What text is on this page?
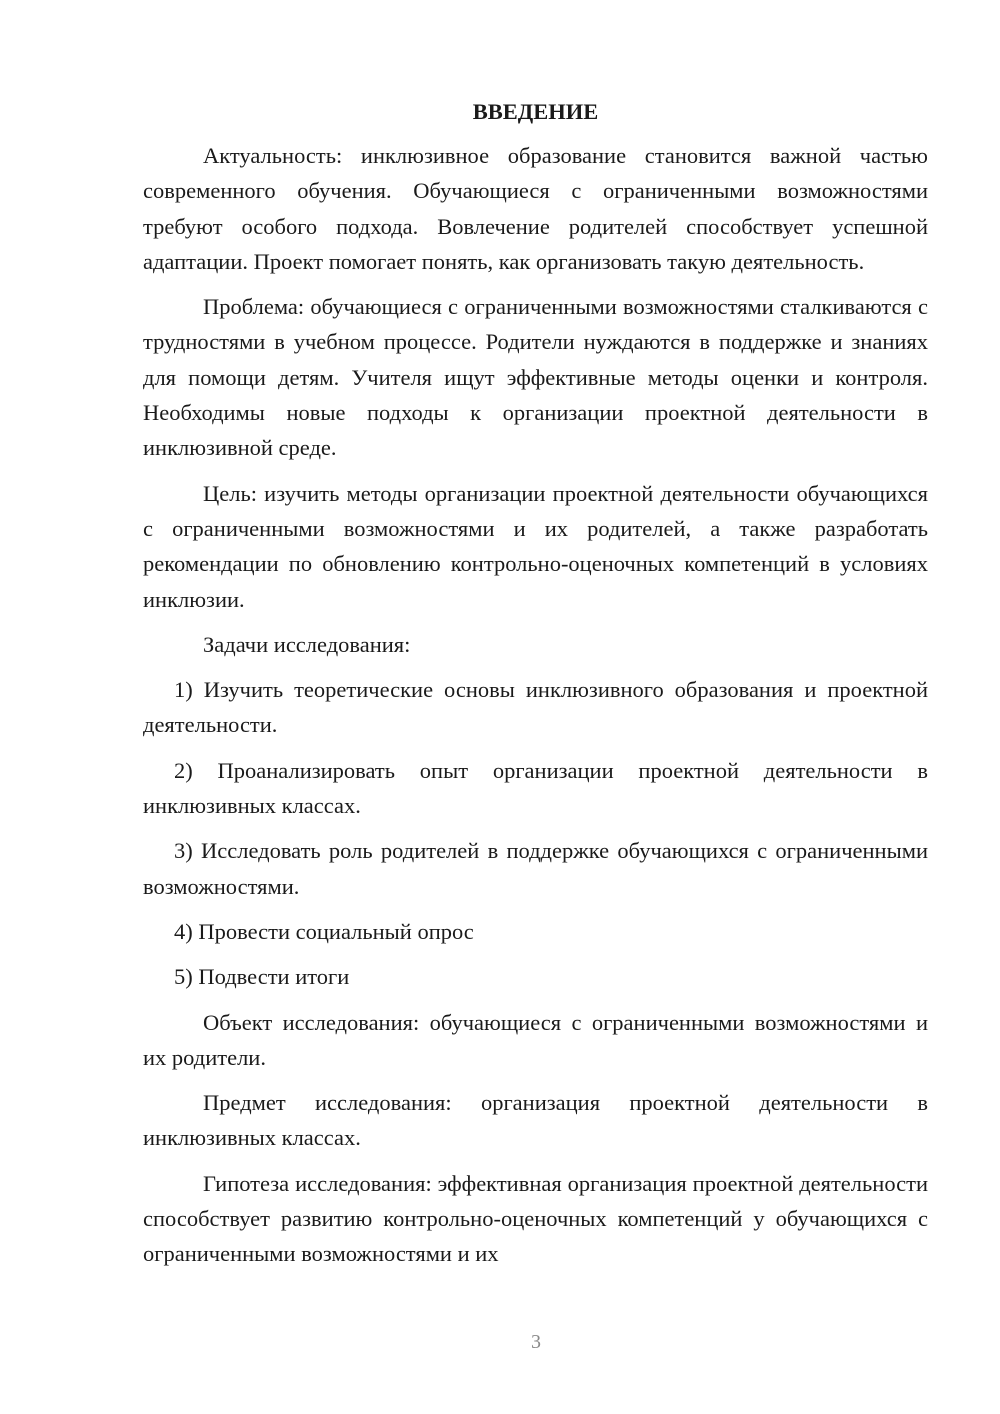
ВВЕДЕНИЕ

Актуальность: инклюзивное образование становится важной частью современного обучения. Обучающиеся с ограниченными возможностями требуют особого подхода. Вовлечение родителей способствует успешной адаптации. Проект помогает понять, как организовать такую деятельность.

Проблема: обучающиеся с ограниченными возможностями сталкиваются с трудностями в учебном процессе. Родители нуждаются в поддержке и знаниях для помощи детям. Учителя ищут эффективные методы оценки и контроля. Необходимы новые подходы к организации проектной деятельности в инклюзивной среде.

Цель: изучить методы организации проектной деятельности обучающихся с ограниченными возможностями и их родителей, а также разработать рекомендации по обновлению контрольно-оценочных компетенций в условиях инклюзии.

Задачи исследования:

1) Изучить теоретические основы инклюзивного образования и проектной деятельности.

2) Проанализировать опыт организации проектной деятельности в инклюзивных классах.

3) Исследовать роль родителей в поддержке обучающихся с ограниченными возможностями.

4) Провести социальный опрос

5) Подвести итоги

Объект исследования: обучающиеся с ограниченными возможностями и их родители.

Предмет исследования: организация проектной деятельности в инклюзивных классах.

Гипотеза исследования: эффективная организация проектной деятельности способствует развитию контрольно-оценочных компетенций у обучающихся с ограниченными возможностями и их

3
